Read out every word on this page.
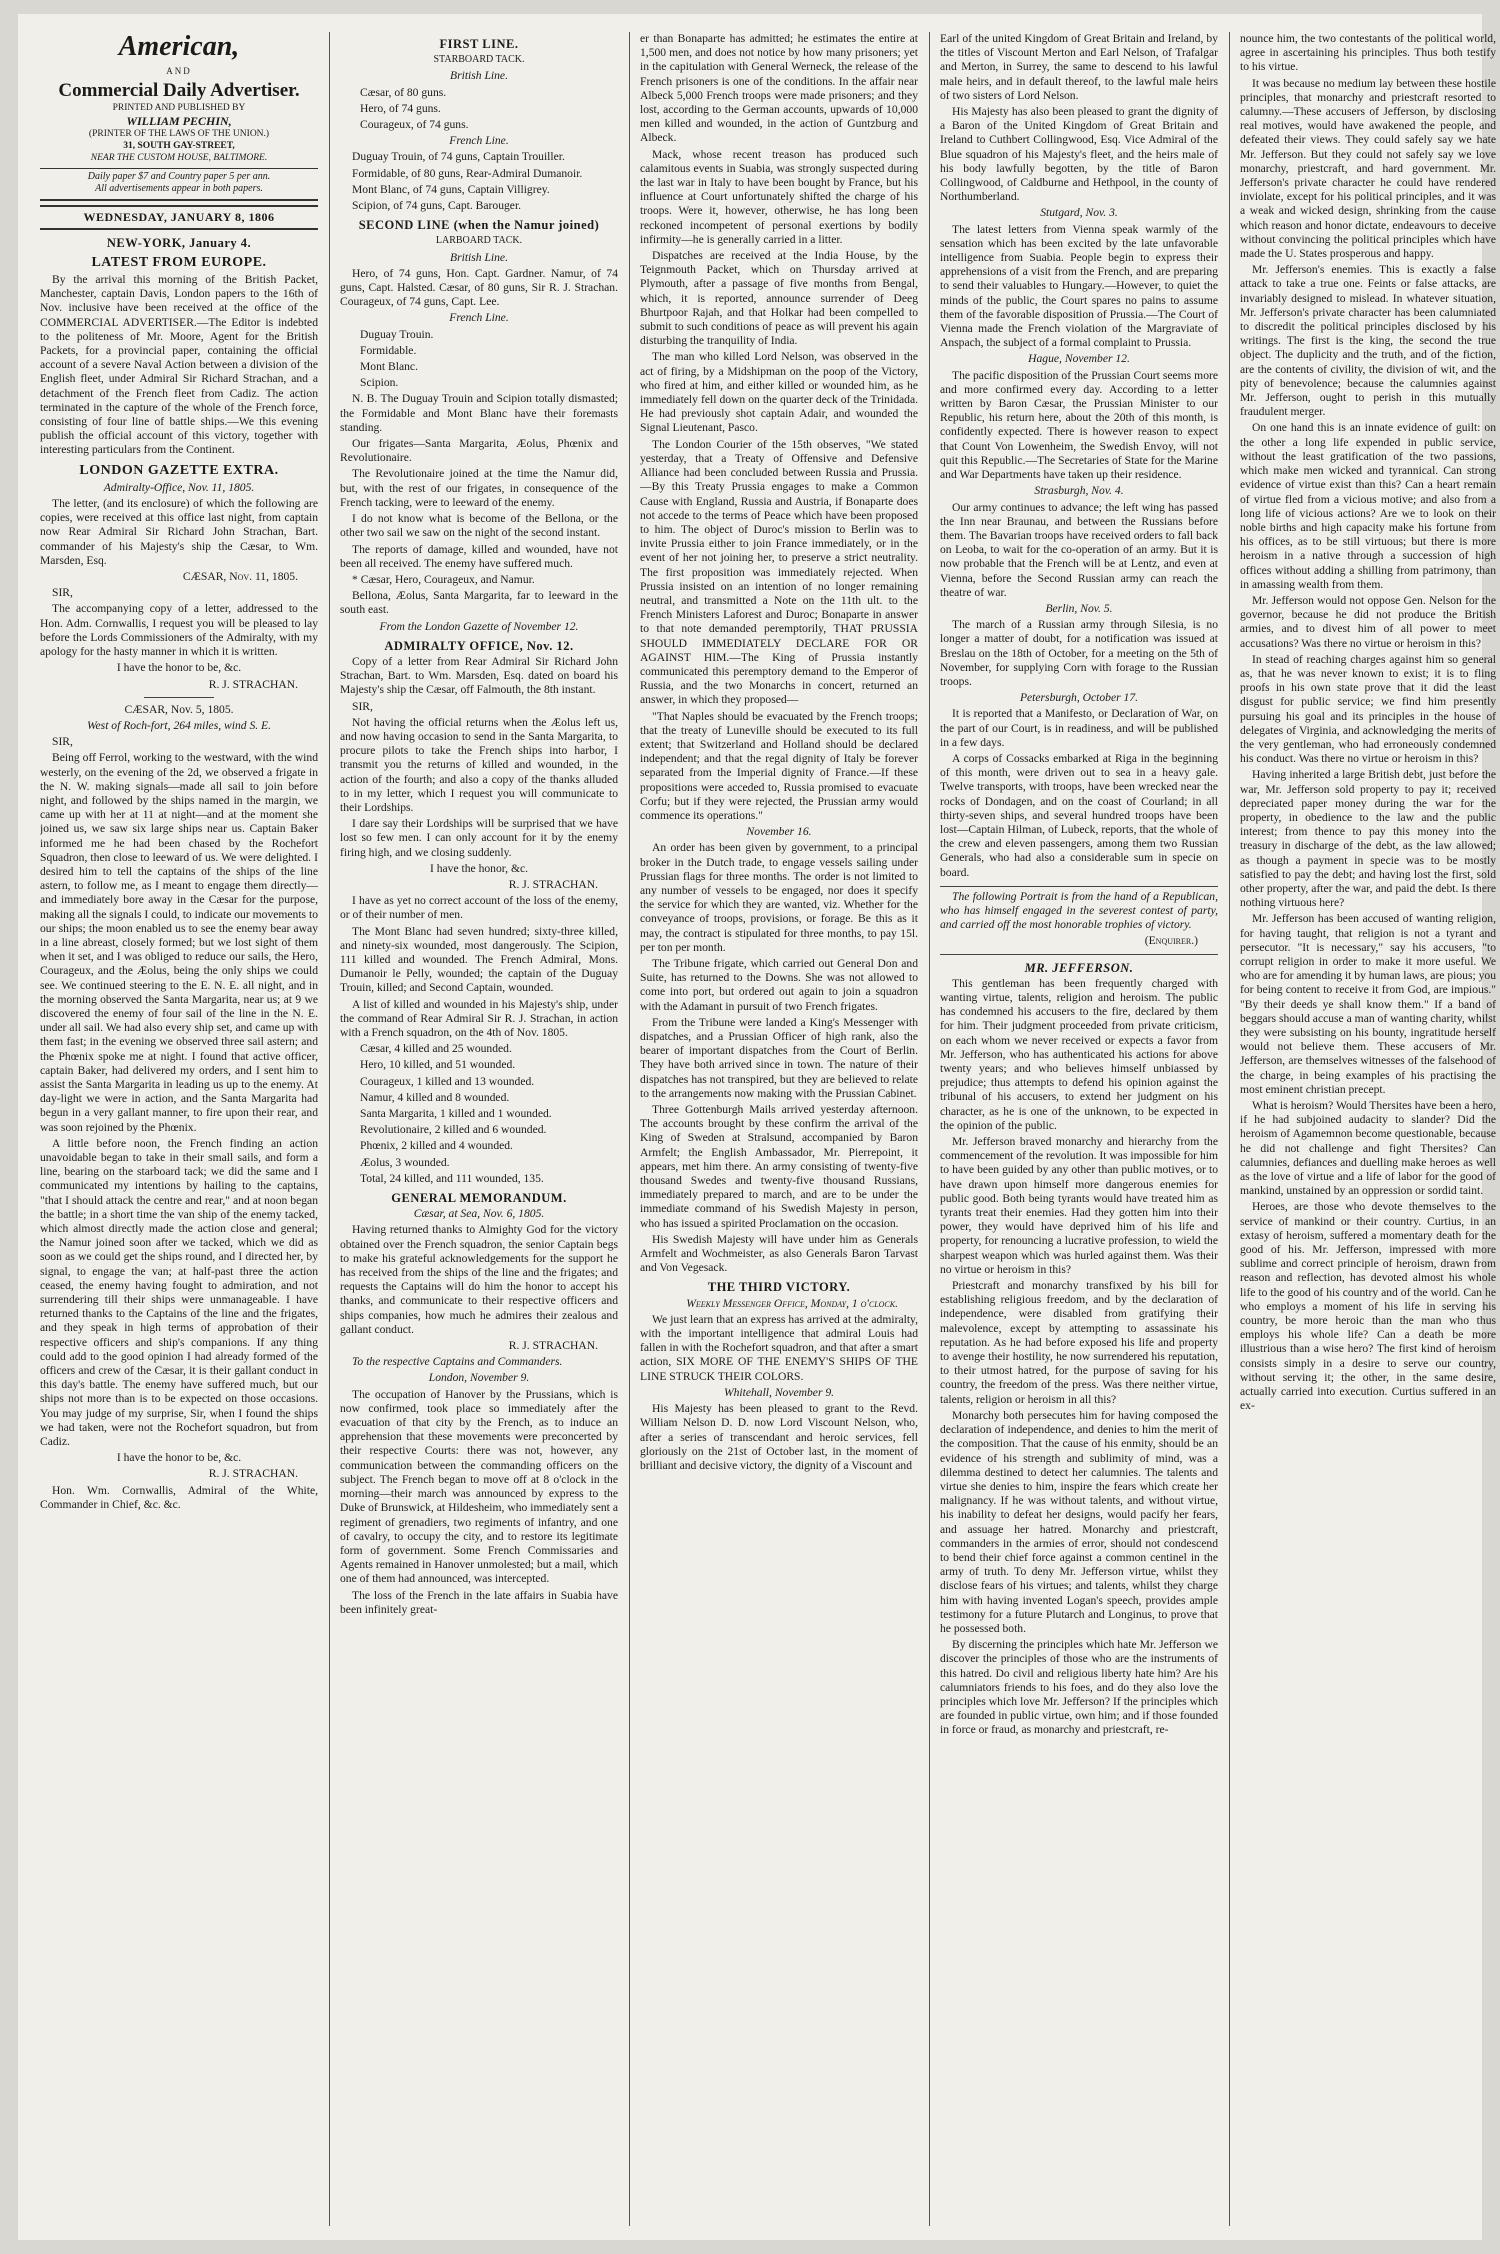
American,
AND
Commercial Daily Advertiser.
PRINTED AND PUBLISHED BY
WILLIAM PECHIN,
(PRINTER OF THE LAWS OF THE UNION.)
31, SOUTH GAY-STREET,
NEAR THE CUSTOM HOUSE, BALTIMORE.
Daily paper $7 and Country paper 5 per ann.
All advertisements appear in both papers.
WEDNESDAY, JANUARY 8, 1806
NEW-YORK, January 4.
LATEST FROM EUROPE.

By the arrival this morning of the British Packet, Manchester, captain Davis, London papers to the 16th of Nov. inclusive have been received at the office of the COMMERCIAL ADVERTISER.—The Editor is indebted to the politeness of Mr. Moore, Agent for the British Packets, for a provincial paper, containing the official account of a severe Naval Action between a division of the English fleet, under Admiral Sir Richard Strachan, and a detachment of the French fleet from Cadiz. The action terminated in the capture of the whole of the French force, consisting of four line of battle ships.—We this evening publish the official account of this victory, together with interesting particulars from the Continent.

LONDON GAZETTE EXTRA.

Admiralty-Office, Nov. 11, 1805.

The letter, (and its enclosure) of which the following are copies, were received at this office last night, from captain now Rear Admiral Sir Richard John Strachan, Bart. commander of his Majesty's ship the Cæsar, to Wm. Marsden, Esq.

CÆSAR, Nov. 11, 1805.

SIR,

The accompanying copy of a letter, addressed to the Hon. Adm. Cornwallis, I request you will be pleased to lay before the Lords Commissioners of the Admiralty, with my apology for the hasty manner in which it is written.

I have the honor to be, &c.

R. J. STRACHAN.

CÆSAR, Nov. 5, 1805.

West of Roch-fort, 264 miles, wind S. E.

SIR,

Being off Ferrol, working to the westward, with the wind westerly, on the evening of the 2d, we observed a frigate in the N. W. making signals—made all sail to join before night, and followed by the ships named in the margin, we came up with her at 11 at night—and at the moment she joined us, we saw six large ships near us. Captain Baker informed me he had been chased by the Rochefort Squadron, then close to leeward of us. We were delighted. I desired him to tell the captains of the ships of the line astern, to follow me, as I meant to engage them directly—and immediately bore away in the Cæsar for the purpose, making all the signals I could, to indicate our movements to our ships; the moon enabled us to see the enemy bear away in a line abreast, closely formed; but we lost sight of them when it set, and I was obliged to reduce our sails, the Hero, Courageux, and the Æolus, being the only ships we could see. We continued steering to the E. N. E. all night, and in the morning observed the Santa Margarita, near us; at 9 we discovered the enemy of four sail of the line in the N. E. under all sail. We had also every ship set, and came up with them fast; in the evening we observed three sail astern; and the Phœnix spoke me at night. I found that active officer, captain Baker, had delivered my orders, and I sent him to assist the Santa Margarita in leading us up to the enemy. At day-light we were in action, and the Santa Margarita had begun in a very gallant manner, to fire upon their rear, and was soon rejoined by the Phœnix.

A little before noon, the French finding an action unavoidable began to take in their small sails, and form a line, bearing on the starboard tack; we did the same and I communicated my intentions by hailing to the captains, "that I should attack the centre and rear," and at noon began the battle; in a short time the van ship of the enemy tacked, which almost directly made the action close and general; the Namur joined soon after we tacked, which we did as soon as we could get the ships round, and I directed her, by signal, to engage the van; at half-past three the action ceased, the enemy having fought to admiration, and not surrendering till their ships were unmanageable. I have returned thanks to the Captains of the line and the frigates, and they speak in high terms of approbation of their respective officers and ship's companions. If any thing could add to the good opinion I had already formed of the officers and crew of the Cæsar, it is their gallant conduct in this day's battle. The enemy have suffered much, but our ships not more than is to be expected on those occasions. You may judge of my surprise, Sir, when I found the ships we had taken, were not the Rochefort squadron, but from Cadiz.

I have the honor to be, &c.

R. J. STRACHAN.

Hon. Wm. Cornwallis, Admiral of the White, Commander in Chief, &c. &c.

FIRST LINE.

STARBOARD TACK.

British Line.

Cæsar, of 80 guns.

Hero, of 74 guns.

Courageux, of 74 guns.

French Line.

Duguay Trouin, of 74 guns, Captain Trouiller.

Formidable, of 80 guns, Rear-Admiral Dumanoir.

Mont Blanc, of 74 guns, Captain Villigrey.

Scipion, of 74 guns, Capt. Barouger.

SECOND LINE (when the Namur joined)

LARBOARD TACK.

British Line.

Hero, of 74 guns, Hon. Capt. Gardner. Namur, of 74 guns, Capt. Halsted. Cæsar, of 80 guns, Sir R. J. Strachan. Courageux, of 74 guns, Capt. Lee.

French Line.

Duguay Trouin.

Formidable.

Mont Blanc.

Scipion.

N. B. The Duguay Trouin and Scipion totally dismasted; the Formidable and Mont Blanc have their foremasts standing.

Our frigates—Santa Margarita, Æolus, Phœnix and Revolutionaire.

The Revolutionaire joined at the time the Namur did, but, with the rest of our frigates, in consequence of the French tacking, were to leeward of the enemy.

I do not know what is become of the Bellona, or the other two sail we saw on the night of the second instant.

The reports of damage, killed and wounded, have not been all received. The enemy have suffered much.

* Cæsar, Hero, Courageux, and Namur.

Bellona, Æolus, Santa Margarita, far to leeward in the south east.

From the London Gazette of November 12.

ADMIRALTY OFFICE, Nov. 12.

Copy of a letter from Rear Admiral Sir Richard John Strachan, Bart. to Wm. Marsden, Esq. dated on board his Majesty's ship the Cæsar, off Falmouth, the 8th instant.

SIR,

Not having the official returns when the Æolus left us, and now having occasion to send in the Santa Margarita, to procure pilots to take the French ships into harbor, I transmit you the returns of killed and wounded, in the action of the fourth; and also a copy of the thanks alluded to in my letter, which I request you will communicate to their Lordships.

I dare say their Lordships will be surprised that we have lost so few men. I can only account for it by the enemy firing high, and we closing suddenly.

I have the honor, &c.

R. J. STRACHAN.

I have as yet no correct account of the loss of the enemy, or of their number of men.

The Mont Blanc had seven hundred; sixty-three killed, and ninety-six wounded, most dangerously. The Scipion, 111 killed and wounded. The French Admiral, Mons. Dumanoir le Pelly, wounded; the captain of the Duguay Trouin, killed; and Second Captain, wounded.

A list of killed and wounded in his Majesty's ship, under the command of Rear Admiral Sir R. J. Strachan, in action with a French squadron, on the 4th of Nov. 1805.

Cæsar, 4 killed and 25 wounded.

Hero, 10 killed, and 51 wounded.

Courageux, 1 killed and 13 wounded.

Namur, 4 killed and 8 wounded.

Santa Margarita, 1 killed and 1 wounded.

Revolutionaire, 2 killed and 6 wounded.

Phœnix, 2 killed and 4 wounded.

Æolus, 3 wounded.

Total, 24 killed, and 111 wounded, 135.

GENERAL MEMORANDUM.

Cæsar, at Sea, Nov. 6, 1805.

Having returned thanks to Almighty God for the victory obtained over the French squadron, the senior Captain begs to make his grateful acknowledgements for the support he has received from the ships of the line and the frigates; and requests the Captains will do him the honor to accept his thanks, and communicate to their respective officers and ships companies, how much he admires their zealous and gallant conduct.

R. J. STRACHAN.

To the respective Captains and Commanders.

London, November 9.

The occupation of Hanover by the Prussians, which is now confirmed, took place so immediately after the evacuation of that city by the French, as to induce an apprehension that these movements were preconcerted by their respective Courts: there was not, however, any communication between the commanding officers on the subject. The French began to move off at 8 o'clock in the morning—their march was announced by express to the Duke of Brunswick, at Hildesheim, who immediately sent a regiment of grenadiers, two regiments of infantry, and one of cavalry, to occupy the city, and to restore its legitimate form of government. Some French Commissaries and Agents remained in Hanover unmolested; but a mail, which one of them had announced, was intercepted.

The loss of the French in the late affairs in Suabia have been infinitely great-

er than Bonaparte has admitted; he estimates the entire at 1,500 men, and does not notice by how many prisoners; yet in the capitulation with General Werneck, the release of the French prisoners is one of the conditions. In the affair near Albeck 5,000 French troops were made prisoners; and they lost, according to the German accounts, upwards of 10,000 men killed and wounded, in the action of Guntzburg and Albeck.

Mack, whose recent treason has produced such calamitous events in Suabia, was strongly suspected during the last war in Italy to have been bought by France, but his influence at Court unfortunately shifted the charge of his troops. Were it, however, otherwise, he has long been reckoned incompetent of personal exertions by bodily infirmity—he is generally carried in a litter.

Dispatches are received at the India House, by the Teignmouth Packet, which on Thursday arrived at Plymouth, after a passage of five months from Bengal, which, it is reported, announce surrender of Deeg Bhurtpoor Rajah, and that Holkar had been compelled to submit to such conditions of peace as will prevent his again disturbing the tranquility of India.

The man who killed Lord Nelson, was observed in the act of firing, by a Midshipman on the poop of the Victory, who fired at him, and either killed or wounded him, as he immediately fell down on the quarter deck of the Trinidada. He had previously shot captain Adair, and wounded the Signal Lieutenant, Pasco.

The London Courier of the 15th observes, "We stated yesterday, that a Treaty of Offensive and Defensive Alliance had been concluded between Russia and Prussia.—By this Treaty Prussia engages to make a Common Cause with England, Russia and Austria, if Bonaparte does not accede to the terms of Peace which have been proposed to him. The object of Duroc's mission to Berlin was to invite Prussia either to join France immediately, or in the event of her not joining her, to preserve a strict neutrality. The first proposition was immediately rejected. When Prussia insisted on an intention of no longer remaining neutral, and transmitted a Note on the 11th ult. to the French Ministers Laforest and Duroc; Bonaparte in answer to that note demanded peremptorily, THAT PRUSSIA SHOULD IMMEDIATELY DECLARE FOR OR AGAINST HIM.—The King of Prussia instantly communicated this peremptory demand to the Emperor of Russia, and the two Monarchs in concert, returned an answer, in which they proposed—

"That Naples should be evacuated by the French troops; that the treaty of Luneville should be executed to its full extent; that Switzerland and Holland should be declared independent; and that the regal dignity of Italy be forever separated from the Imperial dignity of France.—If these propositions were acceded to, Russia promised to evacuate Corfu; but if they were rejected, the Prussian army would commence its operations."

November 16.

An order has been given by government, to a principal broker in the Dutch trade, to engage vessels sailing under Prussian flags for three months. The order is not limited to any number of vessels to be engaged, nor does it specify the service for which they are wanted, viz. Whether for the conveyance of troops, provisions, or forage. Be this as it may, the contract is stipulated for three months, to pay 15l. per ton per month.

The Tribune frigate, which carried out General Don and Suite, has returned to the Downs. She was not allowed to come into port, but ordered out again to join a squadron with the Adamant in pursuit of two French frigates.

From the Tribune were landed a King's Messenger with dispatches, and a Prussian Officer of high rank, also the bearer of important dispatches from the Court of Berlin. They have both arrived since in town. The nature of their dispatches has not transpired, but they are believed to relate to the arrangements now making with the Prussian Cabinet.

Three Gottenburgh Mails arrived yesterday afternoon. The accounts brought by these confirm the arrival of the King of Sweden at Stralsund, accompanied by Baron Armfelt; the English Ambassador, Mr. Pierrepoint, it appears, met him there. An army consisting of twenty-five thousand Swedes and twenty-five thousand Russians, immediately prepared to march, and are to be under the immediate command of his Swedish Majesty in person, who has issued a spirited Proclamation on the occasion.

His Swedish Majesty will have under him as Generals Armfelt and Wochmeister, as also Generals Baron Tarvast and Von Vegesack.

THE THIRD VICTORY.

Weekly Messenger Office, Monday, 1 o'clock.

We just learn that an express has arrived at the admiralty, with the important intelligence that admiral Louis had fallen in with the Rochefort squadron, and that after a smart action, SIX MORE OF THE ENEMY'S SHIPS OF THE LINE STRUCK THEIR COLORS.

Whitehall, November 9.

His Majesty has been pleased to grant to the Revd. William Nelson D. D. now Lord Viscount Nelson, who, after a series of transcendant and heroic services, fell gloriously on the 21st of October last, in the moment of brilliant and decisive victory, the dignity of a Viscount and

Earl of the united Kingdom of Great Britain and Ireland, by the titles of Viscount Merton and Earl Nelson, of Trafalgar and Merton, in Surrey, the same to descend to his lawful male heirs, and in default thereof, to the lawful male heirs of two sisters of Lord Nelson.

His Majesty has also been pleased to grant the dignity of a Baron of the United Kingdom of Great Britain and Ireland to Cuthbert Collingwood, Esq. Vice Admiral of the Blue squadron of his Majesty's fleet, and the heirs male of his body lawfully begotten, by the title of Baron Collingwood, of Caldburne and Hethpool, in the county of Northumberland.

Stutgard, Nov. 3.

The latest letters from Vienna speak warmly of the sensation which has been excited by the late unfavorable intelligence from Suabia. People begin to express their apprehensions of a visit from the French, and are preparing to send their valuables to Hungary.—However, to quiet the minds of the public, the Court spares no pains to assume them of the favorable disposition of Prussia.—The Court of Vienna made the French violation of the Margraviate of Anspach, the subject of a formal complaint to Prussia.

Hague, November 12.

The pacific disposition of the Prussian Court seems more and more confirmed every day. According to a letter written by Baron Cæsar, the Prussian Minister to our Republic, his return here, about the 20th of this month, is confidently expected. There is however reason to expect that Count Von Lowenheim, the Swedish Envoy, will not quit this Republic.—The Secretaries of State for the Marine and War Departments have taken up their residence.

Strasburgh, Nov. 4.

Our army continues to advance; the left wing has passed the Inn near Braunau, and between the Russians before them. The Bavarian troops have received orders to fall back on Leoba, to wait for the co-operation of an army. But it is now probable that the French will be at Lentz, and even at Vienna, before the Second Russian army can reach the theatre of war.

Berlin, Nov. 5.

The march of a Russian army through Silesia, is no longer a matter of doubt, for a notification was issued at Breslau on the 18th of October, for a meeting on the 5th of November, for supplying Corn with forage to the Russian troops.

Petersburgh, October 17.

It is reported that a Manifesto, or Declaration of War, on the part of our Court, is in readiness, and will be published in a few days.

A corps of Cossacks embarked at Riga in the beginning of this month, were driven out to sea in a heavy gale. Twelve transports, with troops, have been wrecked near the rocks of Dondagen, and on the coast of Courland; in all thirty-seven ships, and several hundred troops have been lost—Captain Hilman, of Lubeck, reports, that the whole of the crew and eleven passengers, among them two Russian Generals, who had also a considerable sum in specie on board.

The following Portrait is from the hand of a Republican, who has himself engaged in the severest contest of party, and carried off the most honorable trophies of victory.

(Enquirer.)

MR. JEFFERSON.

This gentleman has been frequently charged with wanting virtue, talents, religion and heroism. The public has condemned his accusers to the fire, declared by them for him. Their judgment proceeded from private criticism, on each whom we never received or expects a favor from Mr. Jefferson, who has authenticated his actions for above twenty years; and who believes himself unbiassed by prejudice; thus attempts to defend his opinion against the tribunal of his accusers, to extend her judgment on his character, as he is one of the unknown, to be expected in the opinion of the public.

Mr. Jefferson braved monarchy and hierarchy from the commencement of the revolution. It was impossible for him to have been guided by any other than public motives, or to have drawn upon himself more dangerous enemies for public good. Both being tyrants would have treated him as tyrants treat their enemies. Had they gotten him into their power, they would have deprived him of his life and property, for renouncing a lucrative profession, to wield the sharpest weapon which was hurled against them. Was their no virtue or heroism in this?

Priestcraft and monarchy transfixed by his bill for establishing religious freedom, and by the declaration of independence, were disabled from gratifying their malevolence, except by attempting to assassinate his reputation. As he had before exposed his life and property to avenge their hostility, he now surrendered his reputation, to their utmost hatred, for the purpose of saving for his country, the freedom of the press. Was there neither virtue, talents, religion or heroism in all this?

Monarchy both persecutes him for having composed the declaration of independence, and denies to him the merit of the composition. That the cause of his enmity, should be an evidence of his strength and sublimity of mind, was a dilemma destined to detect her calumnies. The talents and virtue she denies to him, inspire the fears which create her malignancy. If he was without talents, and without virtue, his inability to defeat her designs, would pacify her fears, and assuage her hatred. Monarchy and priestcraft, commanders in the armies of error, should not condescend to bend their chief force against a common centinel in the army of truth. To deny Mr. Jefferson virtue, whilst they disclose fears of his virtues; and talents, whilst they charge him with having invented Logan's speech, provides ample testimony for a future Plutarch and Longinus, to prove that he possessed both.

By discerning the principles which hate Mr. Jefferson we discover the principles of those who are the instruments of this hatred. Do civil and religious liberty hate him? Are his calumniators friends to his foes, and do they also love the principles which love Mr. Jefferson? If the principles which are founded in public virtue, own him; and if those founded in force or fraud, as monarchy and priestcraft, re-

nounce him, the two contestants of the political world, agree in ascertaining his principles. Thus both testify to his virtue.

It was because no medium lay between these hostile principles, that monarchy and priestcraft resorted to calumny.—These accusers of Jefferson, by disclosing real motives, would have awakened the people, and defeated their views. They could safely say we hate Mr. Jefferson. But they could not safely say we love monarchy, priestcraft, and hard government. Mr. Jefferson's private character he could have rendered inviolate, except for his political principles, and it was a weak and wicked design, shrinking from the cause which reason and honor dictate, endeavours to deceive without convincing the political principles which have made the U. States prosperous and happy.

Mr. Jefferson's enemies. This is exactly a false attack to take a true one. Feints or false attacks, are invariably designed to mislead. In whatever situation, Mr. Jefferson's private character has been calumniated to discredit the political principles disclosed by his writings. The first is the king, the second the true object. The duplicity and the truth, and of the fiction, are the contents of civility, the division of wit, and the pity of benevolence; because the calumnies against Mr. Jefferson, ought to perish in this mutually fraudulent merger.

On one hand this is an innate evidence of guilt: on the other a long life expended in public service, without the least gratification of the two passions, which make men wicked and tyrannical. Can strong evidence of virtue exist than this? Can a heart remain of virtue fled from a vicious motive; and also from a long life of vicious actions? Are we to look on their noble births and high capacity make his fortune from his offices, as to be still virtuous; but there is more heroism in a native through a succession of high offices without adding a shilling from patrimony, than in amassing wealth from them.

Mr. Jefferson would not oppose Gen. Nelson for the governor, because he did not produce the British armies, and to divest him of all power to meet accusations? Was there no virtue or heroism in this?

In stead of reaching charges against him so general as, that he was never known to exist; it is to fling proofs in his own state prove that it did the least disgust for public service; we find him presently pursuing his goal and its principles in the house of delegates of Virginia, and acknowledging the merits of the very gentleman, who had erroneously condemned his conduct. Was there no virtue or heroism in this?

Having inherited a large British debt, just before the war, Mr. Jefferson sold property to pay it; received depreciated paper money during the war for the property, in obedience to the law and the public interest; from thence to pay this money into the treasury in discharge of the debt, as the law allowed; as though a payment in specie was to be mostly satisfied to pay the debt; and having lost the first, sold other property, after the war, and paid the debt. Is there nothing virtuous here?

Mr. Jefferson has been accused of wanting religion, for having taught, that religion is not a tyrant and persecutor. "It is necessary," say his accusers, "to corrupt religion in order to make it more useful. We who are for amending it by human laws, are pious; you for being content to receive it from God, are impious." "By their deeds ye shall know them." If a band of beggars should accuse a man of wanting charity, whilst they were subsisting on his bounty, ingratitude herself would not believe them. These accusers of Mr. Jefferson, are themselves witnesses of the falsehood of the charge, in being examples of his practising the most eminent christian precept.

What is heroism? Would Thersites have been a hero, if he had subjoined audacity to slander? Did the heroism of Agamemnon become questionable, because he did not challenge and fight Thersites? Can calumnies, defiances and duelling make heroes as well as the love of virtue and a life of labor for the good of mankind, unstained by an oppression or sordid taint.

Heroes, are those who devote themselves to the service of mankind or their country. Curtius, in an extasy of heroism, suffered a momentary death for the good of his. Mr. Jefferson, impressed with more sublime and correct principle of heroism, drawn from reason and reflection, has devoted almost his whole life to the good of his country and of the world. Can he who employs a moment of his life in serving his country, be more heroic than the man who thus employs his whole life? Can a death be more illustrious than a wise hero? The first kind of heroism consists simply in a desire to serve our country, without serving it; the other, in the same desire, actually carried into execution. Curtius suffered in an ex-
